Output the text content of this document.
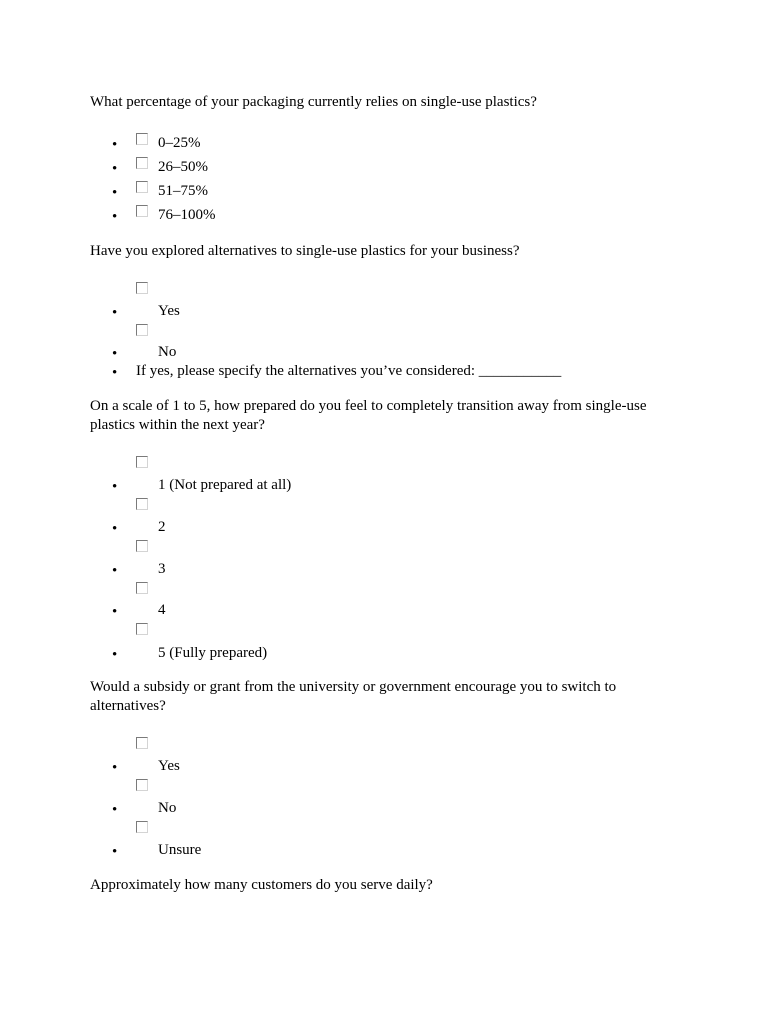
What percentage of your packaging currently relies on single-use plastics?

•	0–25%
•	26–50%
•	51–75%
•	76–100%

Have you explored alternatives to single-use plastics for your business?

•	Yes
•	No
• If yes, please specify the alternatives you’ve considered: ___________

On a scale of 1 to 5, how prepared do you feel to completely transition away from single-use plastics within the next year?

•	1 (Not prepared at all)
•	2
•	3
•	4
•	5 (Fully prepared)

Would a subsidy or grant from the university or government encourage you to switch to alternatives?

•	Yes
•	No
•	Unsure

Approximately how many customers do you serve daily?
